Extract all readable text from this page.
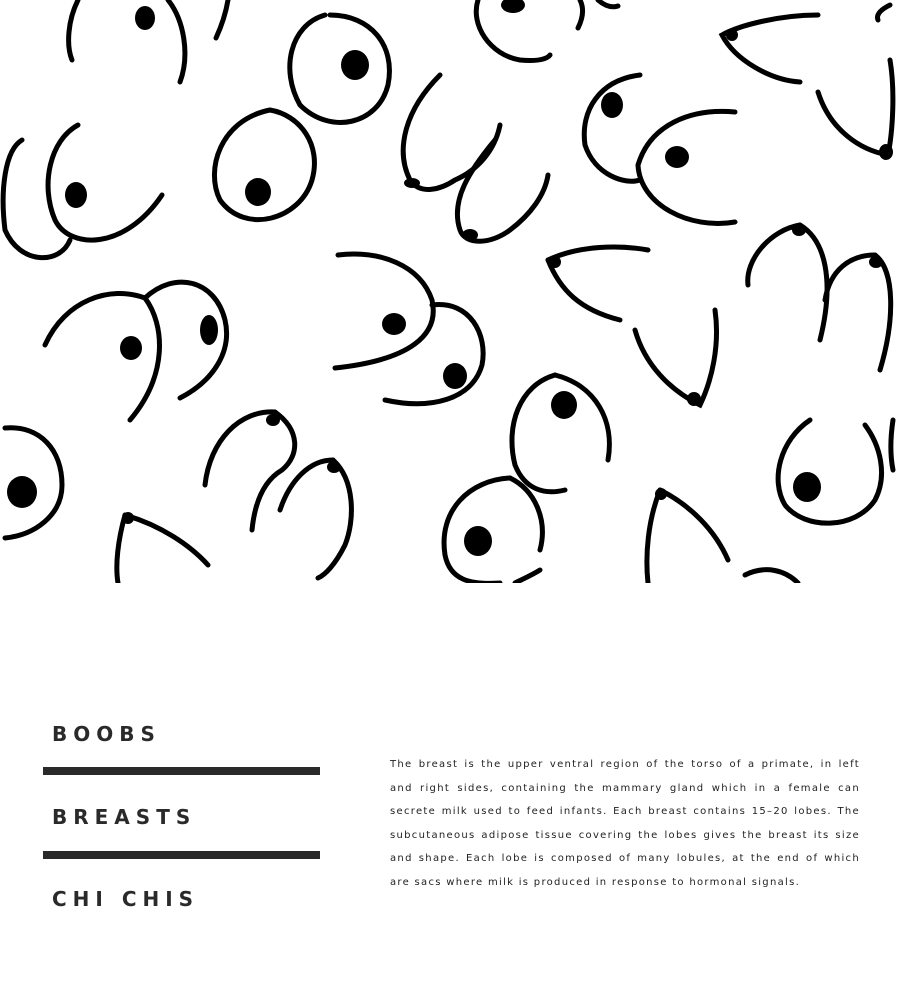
BOOBS
BREASTS
CHI CHIS

The breast is the upper ventral region of the torso of a primate, in left and right sides, containing the mammary gland which in a female can secrete milk used to feed infants. Each breast contains 15–20 lobes. The subcutaneous adipose tissue covering the lobes gives the breast its size and shape. Each lobe is composed of many lobules, at the end of which are sacs where milk is produced in response to hormonal signals.
